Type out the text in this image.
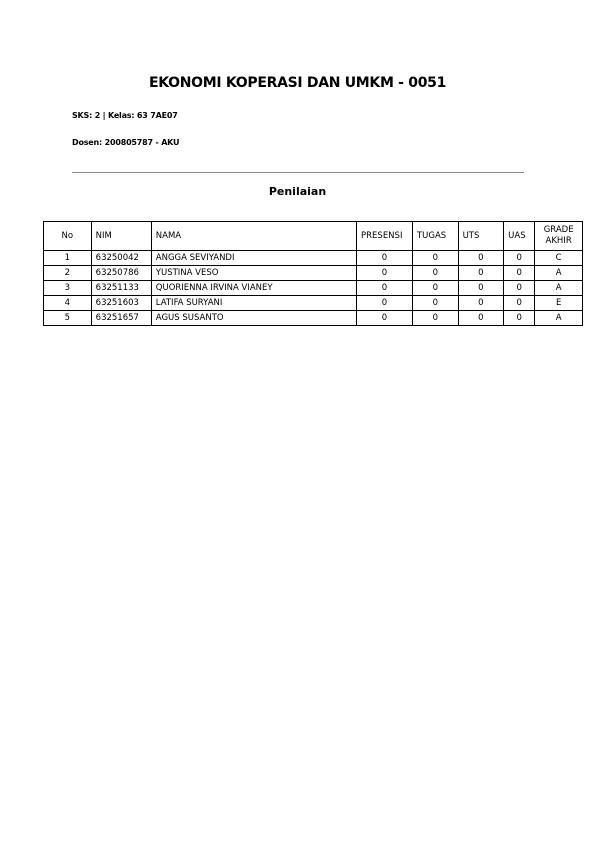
EKONOMI KOPERASI DAN UMKM - 0051
SKS: 2 | Kelas: 63 7AE07
Dosen: 200805787 - AKU
Penilaian
No	NIM	NAMA	PRESENSI	TUGAS	UTS	UAS	GRADE
AKHIR
1	63250042	ANGGA SEVIYANDI	0	0	0	0	C
2	63250786	YUSTINA VESO	0	0	0	0	A
3	63251133	QUORIENNA IRVINA VIANEY	0	0	0	0	A
4	63251603	LATIFA SURYANI	0	0	0	0	E
5	63251657	AGUS SUSANTO	0	0	0	0	A
